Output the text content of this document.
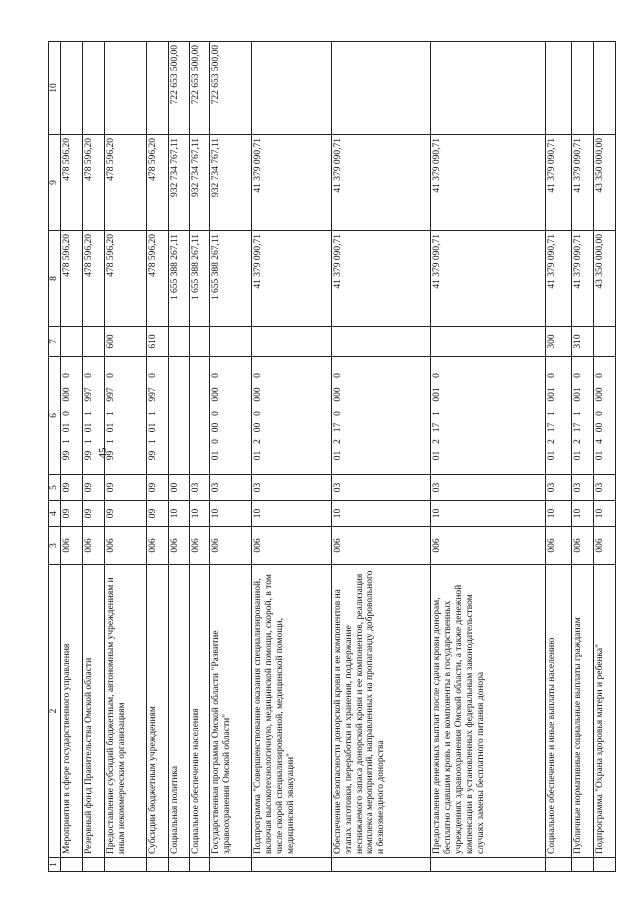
45
1	2	3	4	5	6	7	8	9	10
	Мероприятия в сфере государственного управления	006	09	09	9910100000		478 596,20	478 596,20	
	Резервный фонд Правительства Омской области	006	09	09	9910119970		478 596,20	478 596,20	
	Предоставление субсидий бюджетным, автономным учреждениям и иным некоммерческим организациям	006	09	09	9910119970	600	478 596,20	478 596,20	
	Субсидии бюджетным учреждениям	006	09	09	9910119970	610	478 596,20	478 596,20	
	Социальная политика	006	10	00			1 655 388 267,11	932 734 767,11	722 653 500,00
	Социальное обеспечение населения	006	10	03			1 655 388 267,11	932 734 767,11	722 653 500,00
	Государственная программа Омской области "Развитие здравоохранения Омской области"	006	10	03	0100000000		1 655 388 267,11	932 734 767,11	722 653 500,00
	Подпрограмма "Совершенствование оказания специализированной, включая высокотехнологичную, медицинской помощи, скорой, в том числе скорой специализированной, медицинской помощи, медицинской эвакуации"	006	10	03	0120000000		41 379 090,71	41 379 090,71	
	Обеспечение безопасности донорской крови и ее компонентов на этапах заготовки, переработки и хранения, поддержание неснижаемого запаса донорской крови и ее компонентов, реализация комплекса мероприятий, направленных на пропаганду добровольного и безвозмездного донорства	006	10	03	0121700000		41 379 090,71	41 379 090,71	
	Предоставление денежных выплат после сдачи крови донорам, бесплатно сдавшим кровь и ее компоненты в государственных учреждениях здравоохранения Омской области, а также денежной компенсации в установленных федеральным законодательством случаях замены бесплатного питания донора	006	10	03	0121710010		41 379 090,71	41 379 090,71	
	Социальное обеспечение и иные выплаты населению	006	10	03	0121710010	300	41 379 090,71	41 379 090,71	
	Публичные нормативные социальные выплаты гражданам	006	10	03	0121710010	310	41 379 090,71	41 379 090,71	
	Подпрограмма "Охрана здоровья матери и ребенка"	006	10	03	0140000000		43 350 000,00	43 350 000,00	
